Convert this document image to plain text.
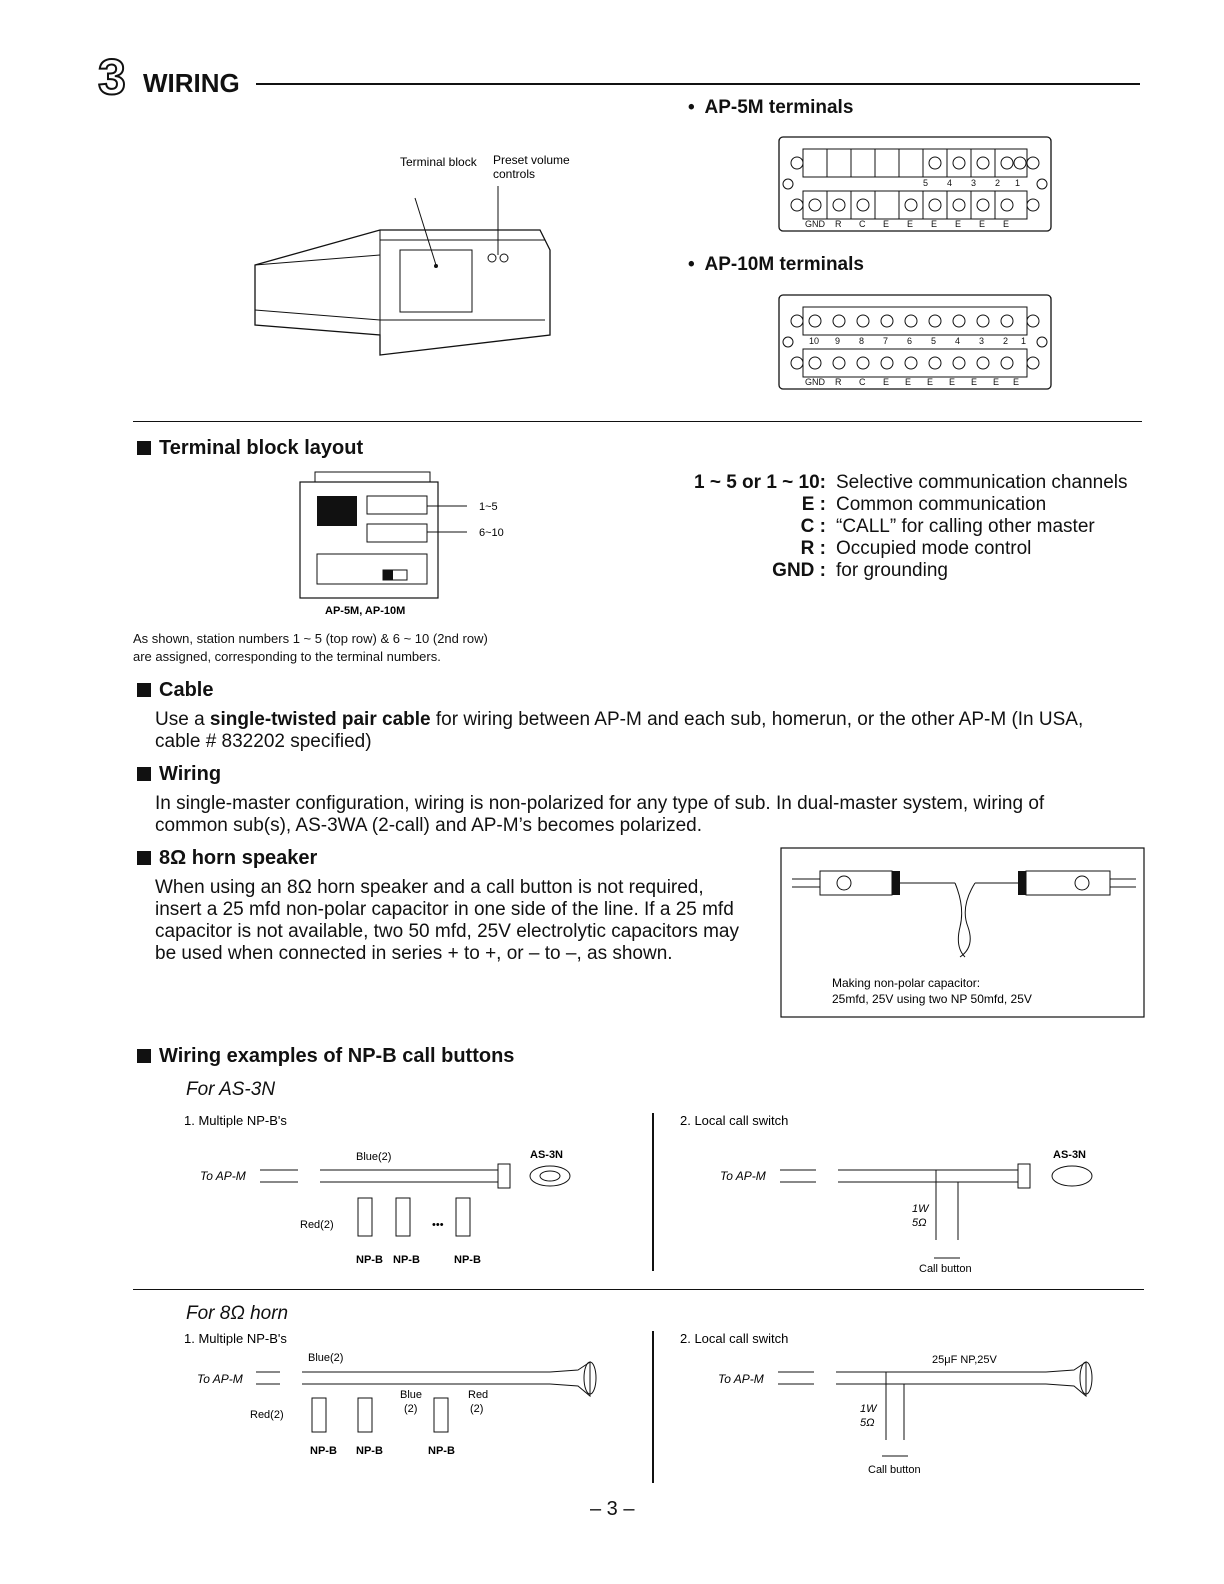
3 WIRING
•  AP-5M terminals
•  AP-10M terminals
Terminal block Preset volume
controls
5 4 3 2 1
GND R C E E E E E E
10 9 8 7 6 5 4 3 2 1
GND R C E E E E E E E
Terminal block layout
1~5
6~10
AP-5M, AP-10M
As shown, station numbers 1 ~ 5 (top row) & 6 ~ 10 (2nd row)
are assigned, corresponding to the terminal numbers.
1 ~ 5 or 1 ~ 10: Selective communication channels
E : Common communication
C : “CALL” for calling other master
R : Occupied mode control
GND : for grounding
Cable
Use a single-twisted pair cable for wiring between AP-M and each sub, homerun, or the other AP-M (In USA,
cable # 832202 specified)
Wiring
In single-master configuration, wiring is non-polarized for any type of sub. In dual-master system, wiring of
common sub(s), AS-3WA (2-call) and AP-M’s becomes polarized.
8Ω horn speaker
When using an 8Ω horn speaker and a call button is not required,
insert a 25 mfd non-polar capacitor in one side of the line. If a 25 mfd
capacitor is not available, two 50 mfd, 25V electrolytic capacitors may
be used when connected in series + to +, or – to –, as shown.
Making non-polar capacitor:
25mfd, 25V using two NP 50mfd, 25V
Wiring examples of NP-B call buttons
For AS-3N
1. Multiple NP-B's
Blue(2)	AS-3N
To AP-M
Red(2)	•••
NP-B NP-B	NP-B
2. Local call switch
AS-3N
To AP-M
1W
5Ω
Call button
For 8Ω horn
1. Multiple NP-B's
Blue(2)
To AP-M
Red(2)
Blue
(2)
Red
(2)
NP-B NP-B	NP-B
2. Local call switch
25μF NP,25V
To AP-M
1W
5Ω
Call button
– 3 –
